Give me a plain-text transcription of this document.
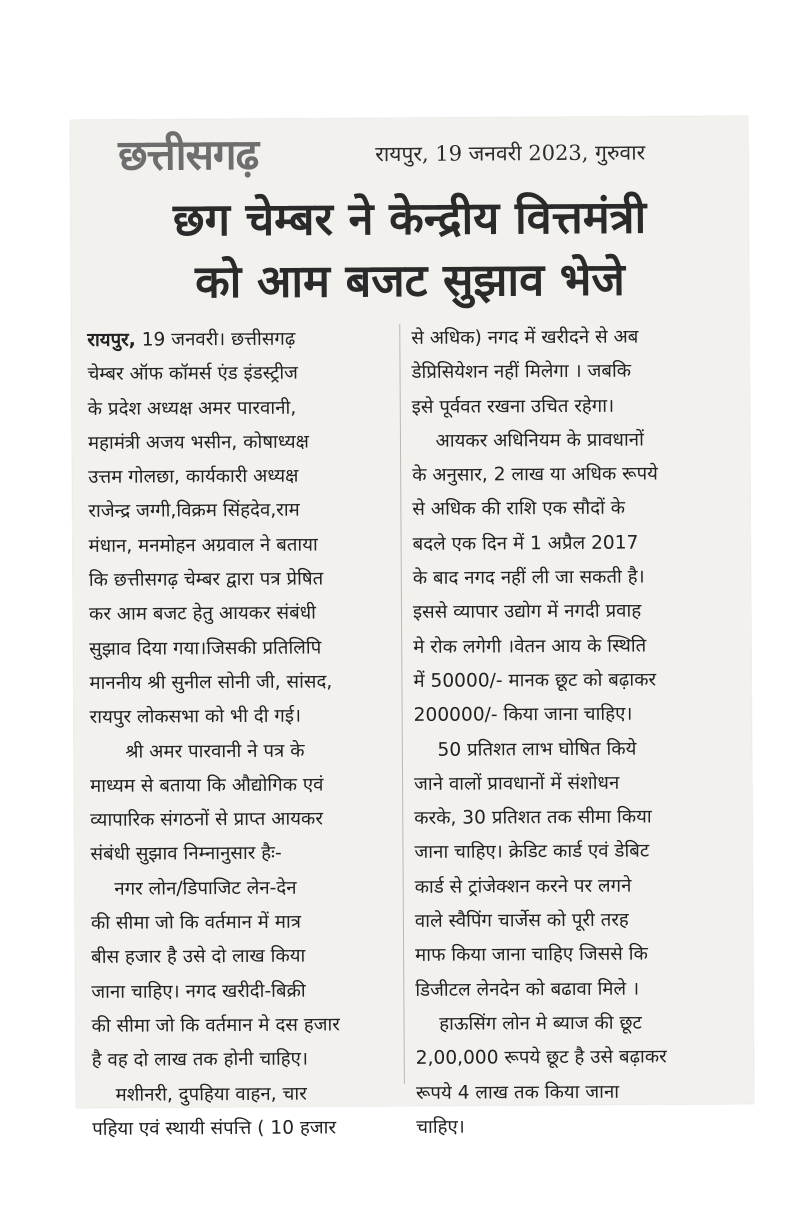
छत्तीसगढ़	रायपुर, 19 जनवरी 2023, गुरुवार
छग चेम्बर ने केन्द्रीय वित्तमंत्री
को आम बजट सुझाव भेजे
रायपुर, 19 जनवरी। छत्तीसगढ़
चेम्बर ऑफ कॉमर्स एंड इंडस्ट्रीज
के प्रदेश अध्यक्ष अमर पारवानी,
महामंत्री अजय भसीन, कोषाध्यक्ष
उत्तम गोलछा, कार्यकारी अध्यक्ष
राजेन्द्र जग्गी,विक्रम सिंहदेव,राम
मंधान, मनमोहन अग्रवाल ने बताया
कि छत्तीसगढ़ चेम्बर द्वारा पत्र प्रेषित
कर आम बजट हेतु आयकर संबंधी
सुझाव दिया गया।जिसकी प्रतिलिपि
माननीय श्री सुनील सोनी जी, सांसद,
रायपुर लोकसभा को भी दी गई।
श्री अमर पारवानी ने पत्र के
माध्यम से बताया कि औद्योगिक एवं
व्यापारिक संगठनों से प्राप्त आयकर
संबंधी सुझाव निम्नानुसार हैः-
नगर लोन/डिपाजिट लेन-देन
की सीमा जो कि वर्तमान में मात्र
बीस हजार है उसे दो लाख किया
जाना चाहिए। नगद खरीदी-बिक्री
की सीमा जो कि वर्तमान मे दस हजार
है वह दो लाख तक होनी चाहिए।
मशीनरी, दुपहिया वाहन, चार
पहिया एवं स्थायी संपत्ति ( 10 हजार
से अधिक) नगद में खरीदने से अब
डेप्रिसियेशन नहीं मिलेगा । जबकि
इसे पूर्ववत रखना उचित रहेगा।
आयकर अधिनियम के प्रावधानों
के अनुसार, 2 लाख या अधिक रूपये
से अधिक की राशि एक सौदों के
बदले एक दिन में 1 अप्रैल 2017
के बाद नगद नहीं ली जा सकती है।
इससे व्यापार उद्योग में नगदी प्रवाह
मे रोक लगेगी ।वेतन आय के स्थिति
में 50000/- मानक छूट को बढ़ाकर
200000/- किया जाना चाहिए।
50 प्रतिशत लाभ घोषित किये
जाने वालों प्रावधानों में संशोधन
करके, 30 प्रतिशत तक सीमा किया
जाना चाहिए। क्रेडिट कार्ड एवं डेबिट
कार्ड से ट्रांजेक्शन करने पर लगने
वाले स्वैपिंग चार्जेस को पूरी तरह
माफ किया जाना चाहिए जिससे कि
डिजीटल लेनदेन को बढावा मिले ।
हाऊसिंग लोन मे ब्याज की छूट
2,00,000 रूपये छूट है उसे बढ़ाकर
रूपये 4 लाख तक किया जाना
चाहिए।
